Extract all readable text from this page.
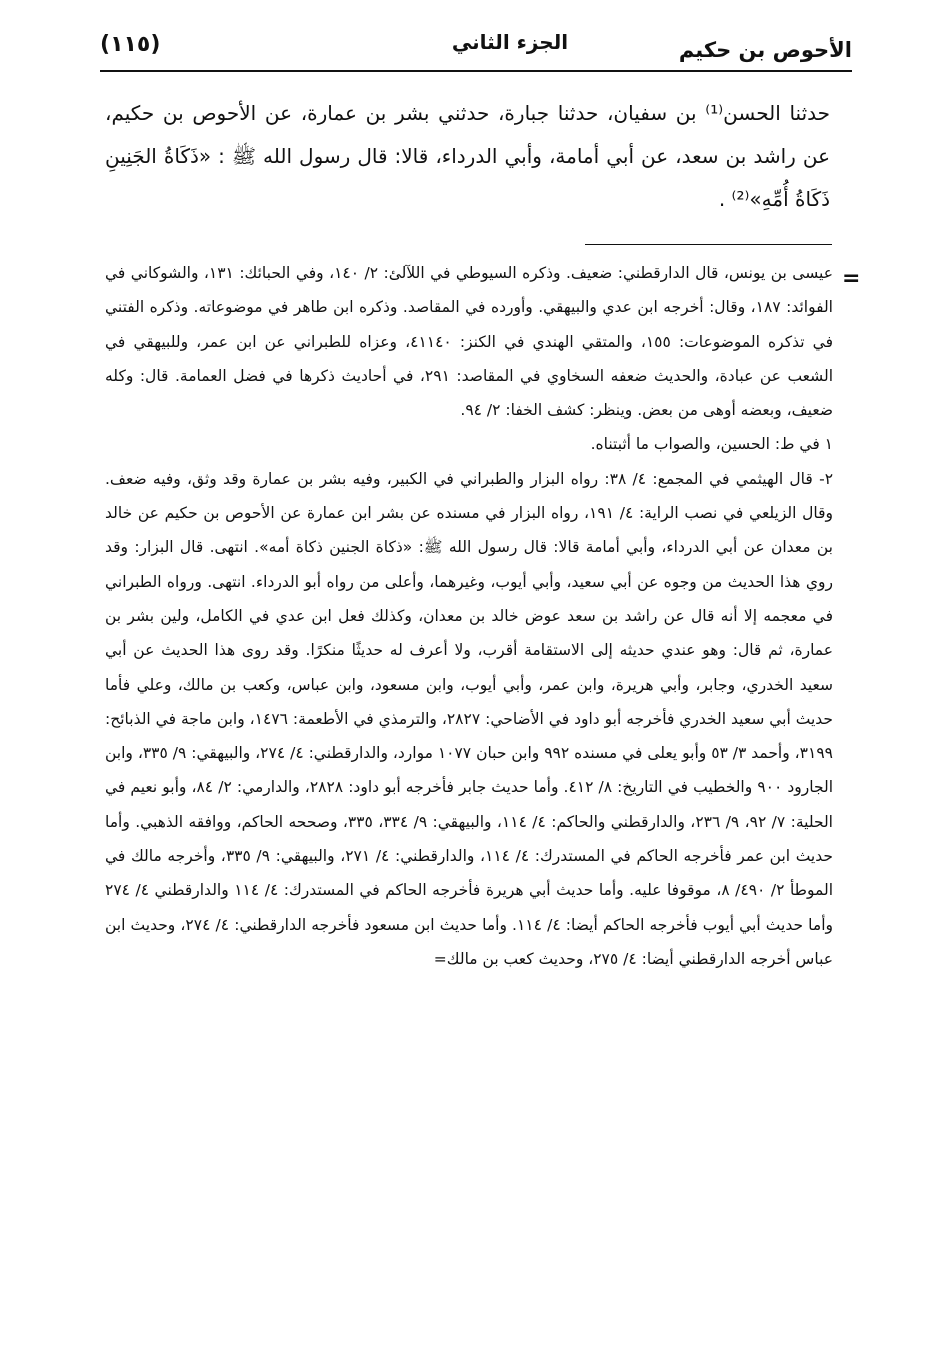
الأحوص بن حكيم
الجزء الثاني
(١١٥)

حدثنا الحسن⁽¹⁾ بن سفيان، حدثنا جبارة، حدثني بشر بن عمارة، عن الأحوص بن حكيم، عن راشد بن سعد، عن أبي أمامة، وأبي الدرداء، قالا: قال رسول الله ﷺ : «ذَكَاةُ الجَنِينِ ذَكَاةُ أُمِّهِ»⁽²⁾ .

=

عيسى بن يونس، قال الدارقطني: ضعيف. وذكره السيوطي في اللآلئ: ٢/ ١٤٠، وفي الحبائك: ١٣١، والشوكاني في الفوائد: ١٨٧، وقال: أخرجه ابن عدي والبيهقي. وأورده في المقاصد. وذكره ابن طاهر في موضوعاته. وذكره الفتني في تذكره الموضوعات: ١٥٥، والمتقي الهندي في الكنز: ٤١١٤٠، وعزاه للطبراني عن ابن عمر، وللبيهقي في الشعب عن عبادة، والحديث ضعفه السخاوي في المقاصد: ٢٩١، في أحاديث ذكرها في فضل العمامة. قال: وكله ضعيف، وبعضه أوهى من بعض. وينظر: كشف الخفا: ٢/ ٩٤.

١ في ط: الحسين، والصواب ما أثبتناه.

٢- قال الهيثمي في المجمع: ٤/ ٣٨: رواه البزار والطبراني في الكبير، وفيه بشر بن عمارة وقد وثق، وفيه ضعف. وقال الزيلعي في نصب الراية: ٤/ ١٩١، رواه البزار في مسنده عن بشر ابن عمارة عن الأحوص بن حكيم عن خالد بن معدان عن أبي الدرداء، وأبي أمامة قالا: قال رسول الله ﷺ: «ذكاة الجنين ذكاة أمه». انتهى. قال البزار: وقد روي هذا الحديث من وجوه عن أبي سعيد، وأبي أيوب، وغيرهما، وأعلى من رواه أبو الدرداء. انتهى. ورواه الطبراني في معجمه إلا أنه قال عن راشد بن سعد عوض خالد بن معدان، وكذلك فعل ابن عدي في الكامل، ولين بشر بن عمارة، ثم قال: وهو عندي حديثه إلى الاستقامة أقرب، ولا أعرف له حديثًا منكرًا. وقد روى هذا الحديث عن أبي سعيد الخدري، وجابر، وأبي هريرة، وابن عمر، وأبي أيوب، وابن مسعود، وابن عباس، وكعب بن مالك، وعلي فأما حديث أبي سعيد الخدري فأخرجه أبو داود في الأضاحي: ٢٨٢٧، والترمذي في الأطعمة: ١٤٧٦، وابن ماجة في الذبائح: ٣١٩٩، وأحمد ٣/ ٥٣ وأبو يعلى في مسنده ٩٩٢ وابن حبان ١٠٧٧ موارد، والدارقطني: ٤/ ٢٧٤، والبيهقي: ٩/ ٣٣٥، وابن الجارود ٩٠٠ والخطيب في التاريخ: ٨/ ٤١٢. وأما حديث جابر فأخرجه أبو داود: ٢٨٢٨، والدارمي: ٢/ ٨٤، وأبو نعيم في الحلية: ٧/ ٩٢، ٩/ ٢٣٦، والدارقطني والحاكم: ٤/ ١١٤، والبيهقي: ٩/ ٣٣٤، ٣٣٥، وصححه الحاكم، ووافقه الذهبي. وأما حديث ابن عمر فأخرجه الحاكم في المستدرك: ٤/ ١١٤، والدارقطني: ٤/ ٢٧١، والبيهقي: ٩/ ٣٣٥، وأخرجه مالك في الموطأ ٢/ ٤٩٠/ ٨، موقوفا عليه. وأما حديث أبي هريرة فأخرجه الحاكم في المستدرك: ٤/ ١١٤ والدارقطني ٤/ ٢٧٤ وأما حديث أبي أيوب فأخرجه الحاكم أيضا: ٤/ ١١٤. وأما حديث ابن مسعود فأخرجه الدارقطني: ٤/ ٢٧٤، وحديث ابن عباس أخرجه الدارقطني أيضا: ٤/ ٢٧٥، وحديث كعب بن مالك=
